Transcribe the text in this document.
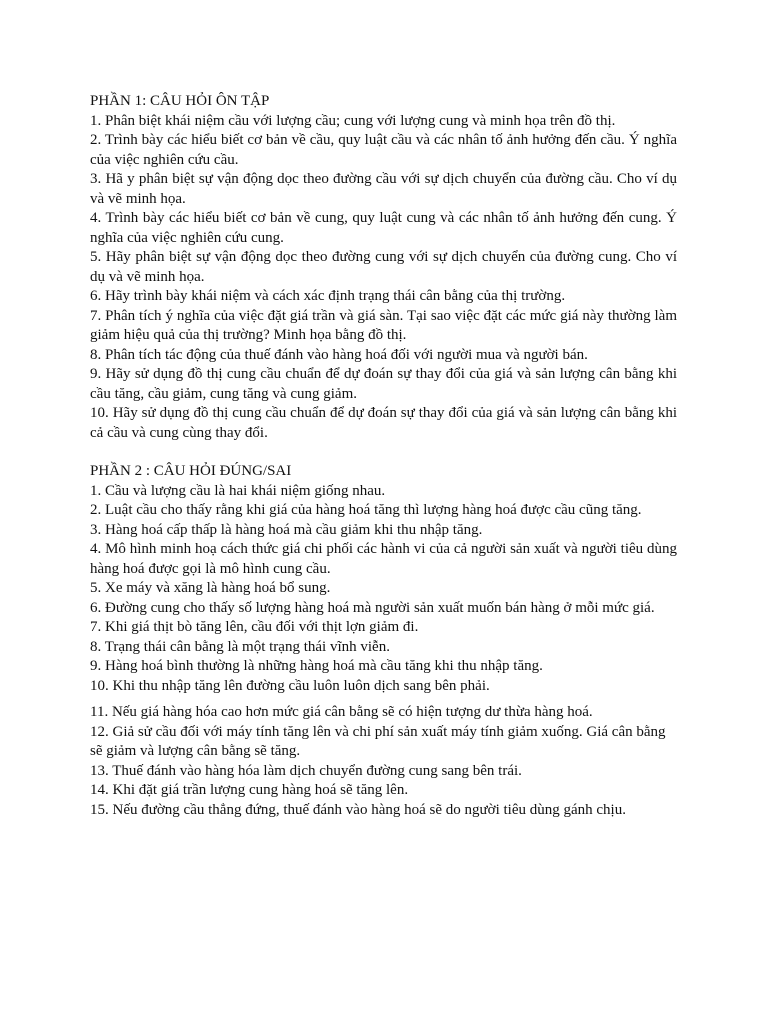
PHẦN 1: CÂU HỎI ÔN TẬP

1. Phân biệt khái niệm cầu với lượng cầu; cung với lượng cung và minh họa trên đồ thị.

2. Trình bày các hiểu biết cơ bản về cầu, quy luật cầu và các nhân tố ảnh hưởng đến cầu. Ý nghĩa của việc nghiên cứu cầu.

3. Hã y phân biệt sự vận động dọc theo đường cầu với sự dịch chuyển của đường cầu. Cho ví dụ và vẽ minh họa.

4. Trình bày các hiểu biết cơ bản về cung, quy luật cung và các nhân tố ảnh hưởng đến cung. Ý nghĩa của việc nghiên cứu cung.

5. Hãy phân biệt sự vận động dọc theo đường cung với sự dịch chuyển của đường cung. Cho ví dụ và vẽ minh họa.

6. Hãy trình bày khái niệm và cách xác định trạng thái cân bằng của thị trường.

7. Phân tích ý nghĩa của việc đặt giá trần và giá sàn. Tại sao việc đặt các mức giá này thường làm giảm hiệu quả của thị trường? Minh họa bằng đồ thị.

8. Phân tích tác động của thuế đánh vào hàng hoá đối với người mua và người bán.

9. Hãy sử dụng đồ thị cung cầu chuẩn để dự đoán sự thay đổi của giá và sản lượng cân bằng khi cầu tăng, cầu giảm, cung tăng và cung giảm.

10. Hãy sử dụng đồ thị cung cầu chuẩn để dự đoán sự thay đổi của giá và sản lượng cân bằng khi cả cầu và cung cùng thay đổi.

PHẦN 2 : CÂU HỎI ĐÚNG/SAI

1. Cầu và lượng cầu là hai khái niệm giống nhau.

2. Luật cầu cho thấy rằng khi giá của hàng hoá tăng thì lượng hàng hoá được cầu cũng tăng.

3. Hàng hoá cấp thấp là hàng hoá mà cầu giảm khi thu nhập tăng.

4. Mô hình minh hoạ cách thức giá chi phối các hành vi của cả người sản xuất và người tiêu dùng hàng hoá được gọi là mô hình cung cầu.

5. Xe máy và xăng là hàng hoá bổ sung.

6. Đường cung cho thấy số lượng hàng hoá mà người sản xuất muốn bán hàng ở mỗi mức giá.

7. Khi giá thịt bò tăng lên, cầu đối với thịt lợn giảm đi.

8. Trạng thái cân bằng là một trạng thái vĩnh viễn.

9. Hàng hoá bình thường là những hàng hoá mà cầu tăng khi thu nhập tăng.

10. Khi thu nhập tăng lên đường cầu luôn luôn dịch sang bên phải.

11. Nếu giá hàng hóa cao hơn mức giá cân bằng sẽ có hiện tượng dư thừa hàng hoá.

12. Giả sử cầu đối với máy tính tăng lên và chi phí sản xuất máy tính giảm xuống. Giá cân bằng

sẽ giảm và lượng cân bằng sẽ tăng.

13. Thuế đánh vào hàng hóa làm dịch chuyển đường cung sang bên trái.

14. Khi đặt giá trần lượng cung hàng hoá sẽ tăng lên.

15. Nếu đường cầu thẳng đứng, thuế đánh vào hàng hoá sẽ do người tiêu dùng gánh chịu.
